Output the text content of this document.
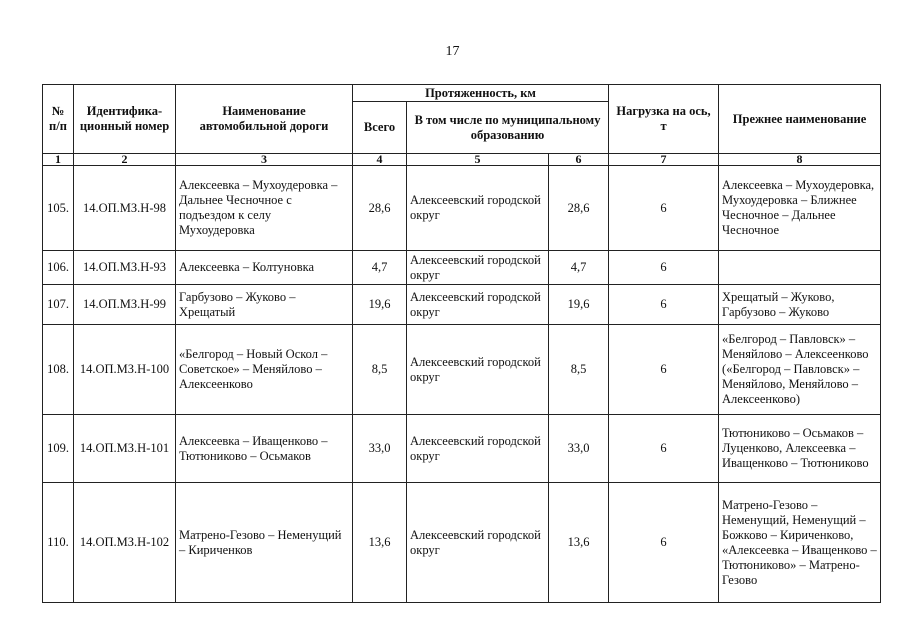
17
№ п/п	Идентифика-ционный номер	Наименование автомобильной дороги	Протяженность, км			Нагрузка на ось, т	Прежнее наименование
			Всего	В том числе по муниципальному образованию			
1	2	3	4	5	6	7	8
105.	14.ОП.МЗ.Н-98	Алексеевка – Мухоудеровка – Дальнее Чесночное с подъездом к селу Мухоудеровка	28,6	Алексеевский городской округ	28,6	6	Алексеевка – Мухоудеровка, Мухоудеровка – Ближнее Чесночное – Дальнее Чесночное
106.	14.ОП.МЗ.Н-93	Алексеевка – Колтуновка	4,7	Алексеевский городской округ	4,7	6	
107.	14.ОП.МЗ.Н-99	Гарбузово – Жуково – Хрещатый	19,6	Алексеевский городской округ	19,6	6	Хрещатый – Жуково, Гарбузово – Жуково
108.	14.ОП.МЗ.Н-100	«Белгород – Новый Оскол – Советское» – Меняйлово – Алексеенково	8,5	Алексеевский городской округ	8,5	6	«Белгород – Павловск» – Меняйлово – Алексеенково («Белгород – Павловск» – Меняйлово, Меняйлово – Алексеенково)
109.	14.ОП.МЗ.Н-101	Алексеевка – Иващенково – Тютюниково – Осьмаков	33,0	Алексеевский городской округ	33,0	6	Тютюниково – Осьмаков – Луценково, Алексеевка – Иващенково – Тютюниково
110.	14.ОП.МЗ.Н-102	Матрено-Гезово – Неменущий – Кириченков	13,6	Алексеевский городской округ	13,6	6	Матрено-Гезово – Неменущий, Неменущий – Божково – Кириченково, «Алексеевка – Иващенково – Тютюниково» – Матрено-Гезово
